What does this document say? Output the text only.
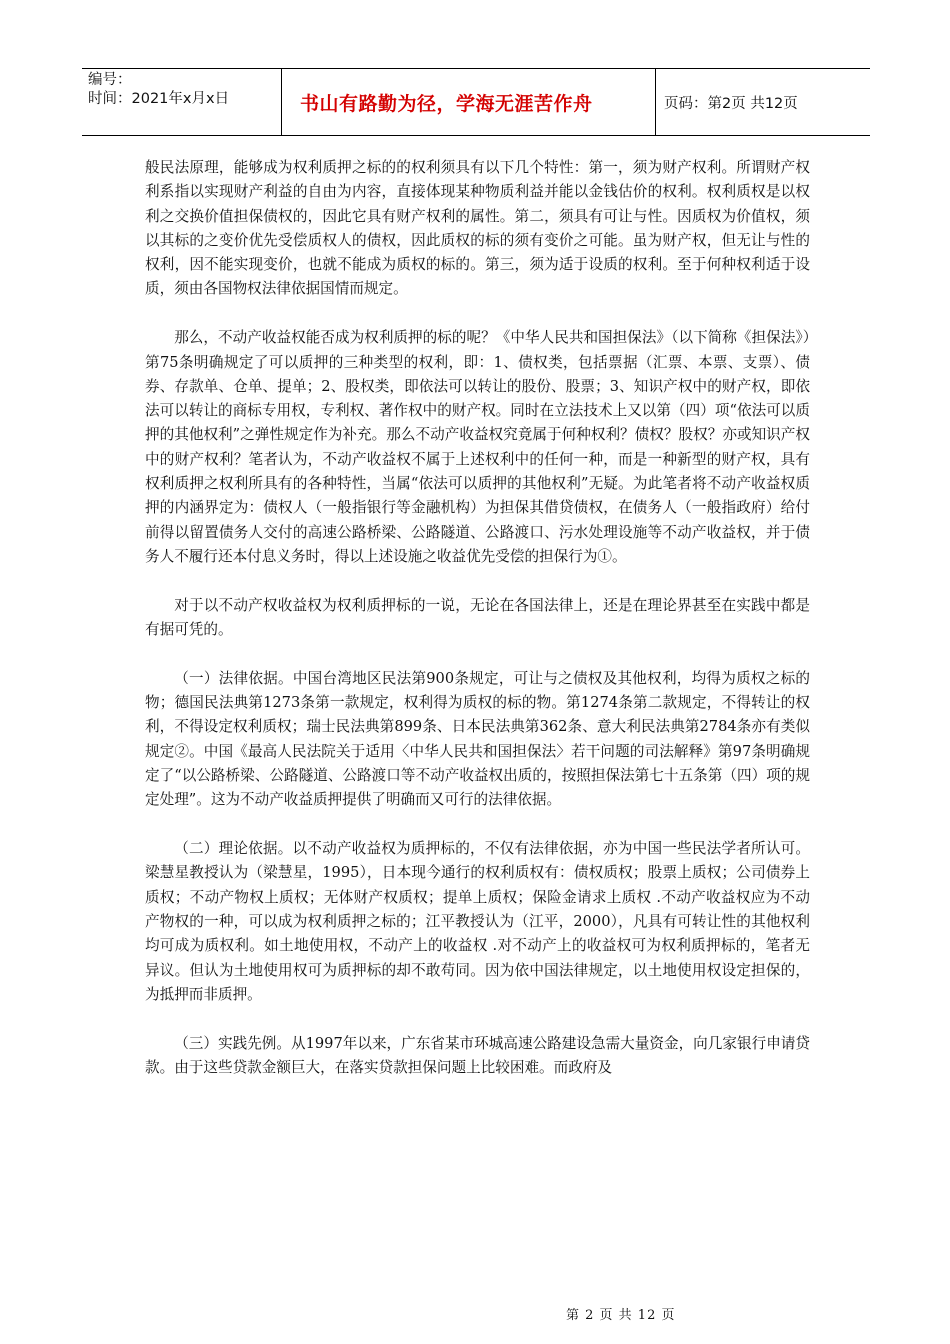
编号：
时间：2021年x月x日	书山有路勤为径，学海无涯苦作舟	页码：第2页 共12页

般民法原理，能够成为权利质押之标的的权利须具有以下几个特性：第一，须为财产权利。所谓财产权利系指以实现财产利益的自由为内容，直接体现某种物质利益并能以金钱估价的权利。权利质权是以权利之交换价值担保债权的，因此它具有财产权利的属性。第二，须具有可让与性。因质权为价值权，须以其标的之变价优先受偿质权人的债权，因此质权的标的须有变价之可能。虽为财产权，但无让与性的权利，因不能实现变价，也就不能成为质权的标的。第三，须为适于设质的权利。至于何种权利适于设质，须由各国物权法律依据国情而规定。

那么，不动产收益权能否成为权利质押的标的呢？《中华人民共和国担保法》（以下简称《担保法》）第75条明确规定了可以质押的三种类型的权利，即：1、债权类，包括票据（汇票、本票、支票）、债券、存款单、仓单、提单；2、股权类，即依法可以转让的股份、股票；3、知识产权中的财产权，即依法可以转让的商标专用权，专利权、著作权中的财产权。同时在立法技术上又以第（四）项“依法可以质押的其他权利”之弹性规定作为补充。那么不动产收益权究竟属于何种权利？债权？股权？亦或知识产权中的财产权利？笔者认为，不动产收益权不属于上述权利中的任何一种，而是一种新型的财产权，具有权利质押之权利所具有的各种特性，当属“依法可以质押的其他权利”无疑。为此笔者将不动产收益权质押的内涵界定为：债权人（一般指银行等金融机构）为担保其借贷债权，在债务人（一般指政府）给付前得以留置债务人交付的高速公路桥梁、公路隧道、公路渡口、污水处理设施等不动产收益权，并于债务人不履行还本付息义务时，得以上述设施之收益优先受偿的担保行为①。

对于以不动产权收益权为权利质押标的一说，无论在各国法律上，还是在理论界甚至在实践中都是有据可凭的。

（一）法律依据。中国台湾地区民法第900条规定，可让与之债权及其他权利，均得为质权之标的物；德国民法典第1273条第一款规定，权利得为质权的标的物。第1274条第二款规定，不得转让的权利，不得设定权利质权；瑞士民法典第899条、日本民法典第362条、意大利民法典第2784条亦有类似规定②。中国《最高人民法院关于适用〈中华人民共和国担保法〉若干问题的司法解释》第97条明确规定了“以公路桥梁、公路隧道、公路渡口等不动产收益权出质的，按照担保法第七十五条第（四）项的规定处理”。这为不动产收益质押提供了明确而又可行的法律依据。

（二）理论依据。以不动产收益权为质押标的，不仅有法律依据，亦为中国一些民法学者所认可。梁慧星教授认为（梁慧星，1995），日本现今通行的权利质权有：债权质权；股票上质权；公司债券上质权；不动产物权上质权；无体财产权质权；提单上质权；保险金请求上质权 .不动产收益权应为不动产物权的一种，可以成为权利质押之标的；江平教授认为（江平，2000），凡具有可转让性的其他权利均可成为质权利。如土地使用权，不动产上的收益权 .对不动产上的收益权可为权利质押标的，笔者无异议。但认为土地使用权可为质押标的却不敢苟同。因为依中国法律规定，以土地使用权设定担保的，为抵押而非质押。

（三）实践先例。从1997年以来，广东省某市环城高速公路建设急需大量资金，向几家银行申请贷款。由于这些贷款金额巨大，在落实贷款担保问题上比较困难。而政府及

第 2 页 共 12 页
